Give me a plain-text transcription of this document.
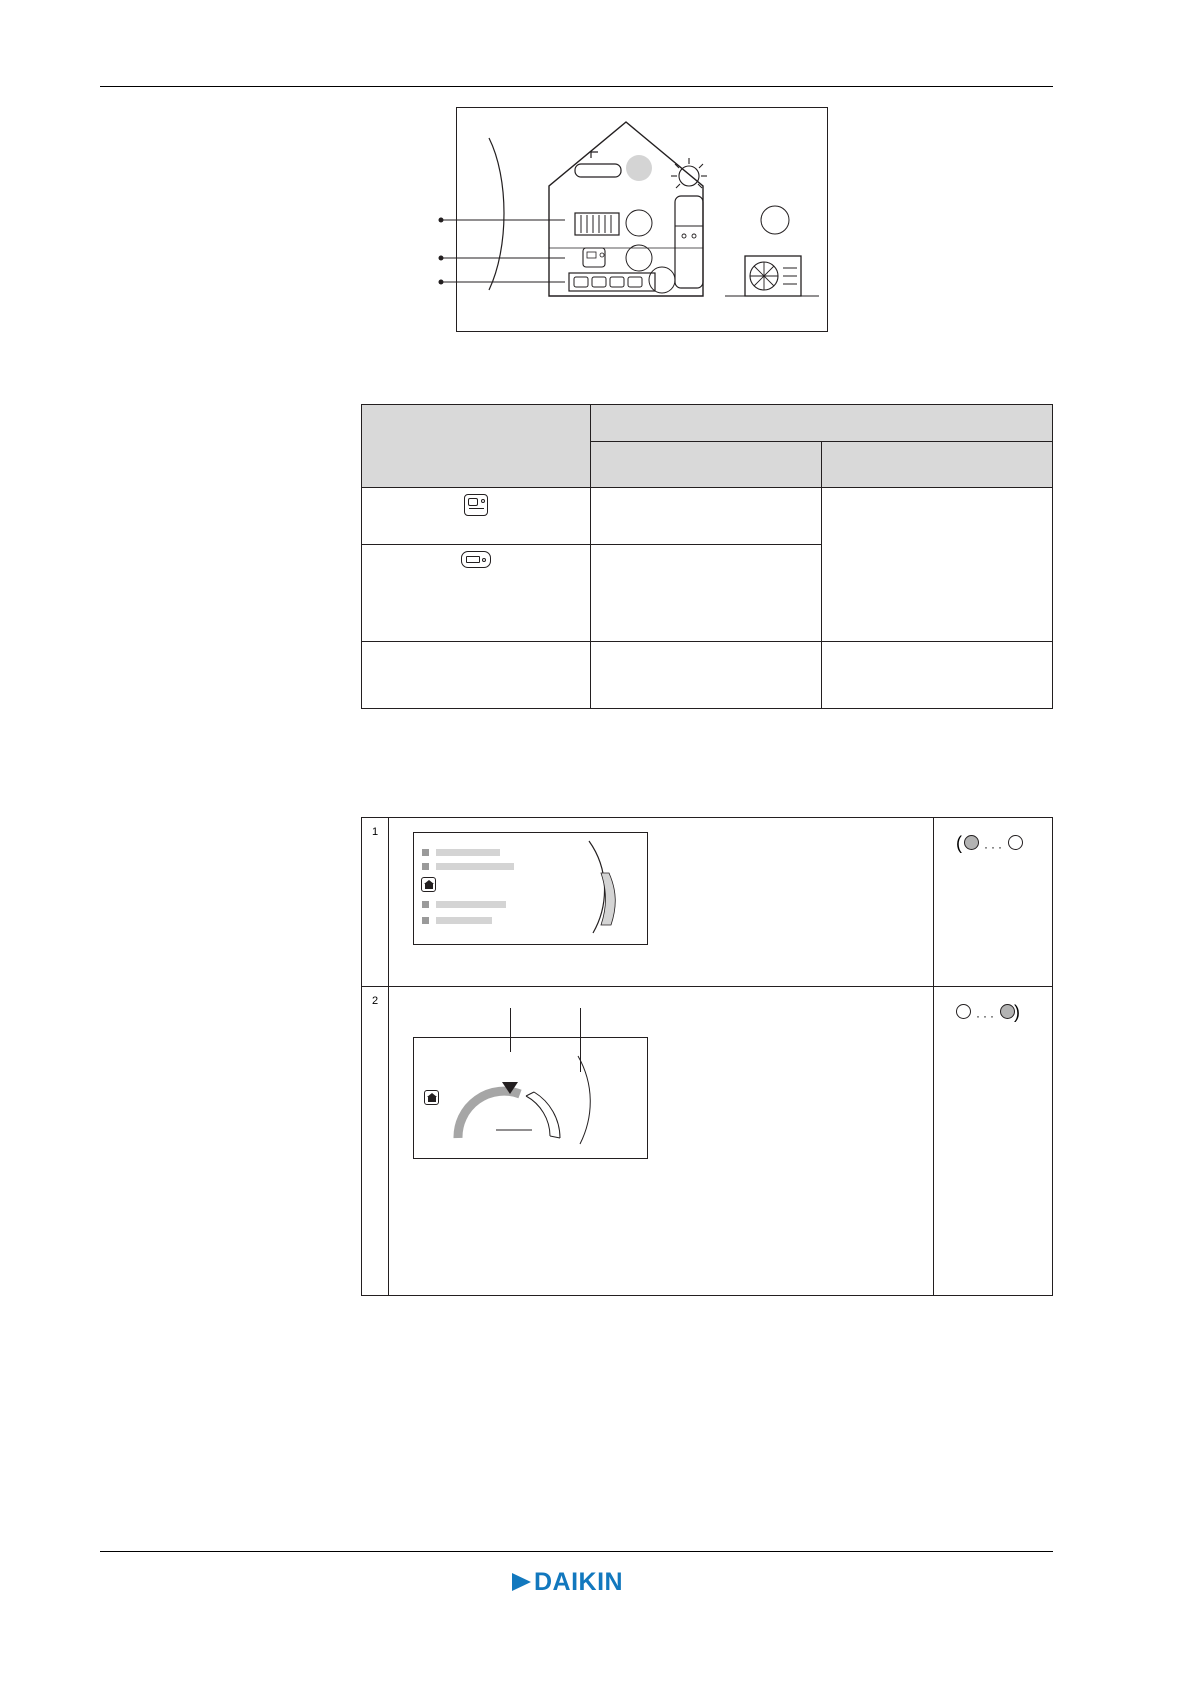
1		( ···

2		··· )
DAIKIN
